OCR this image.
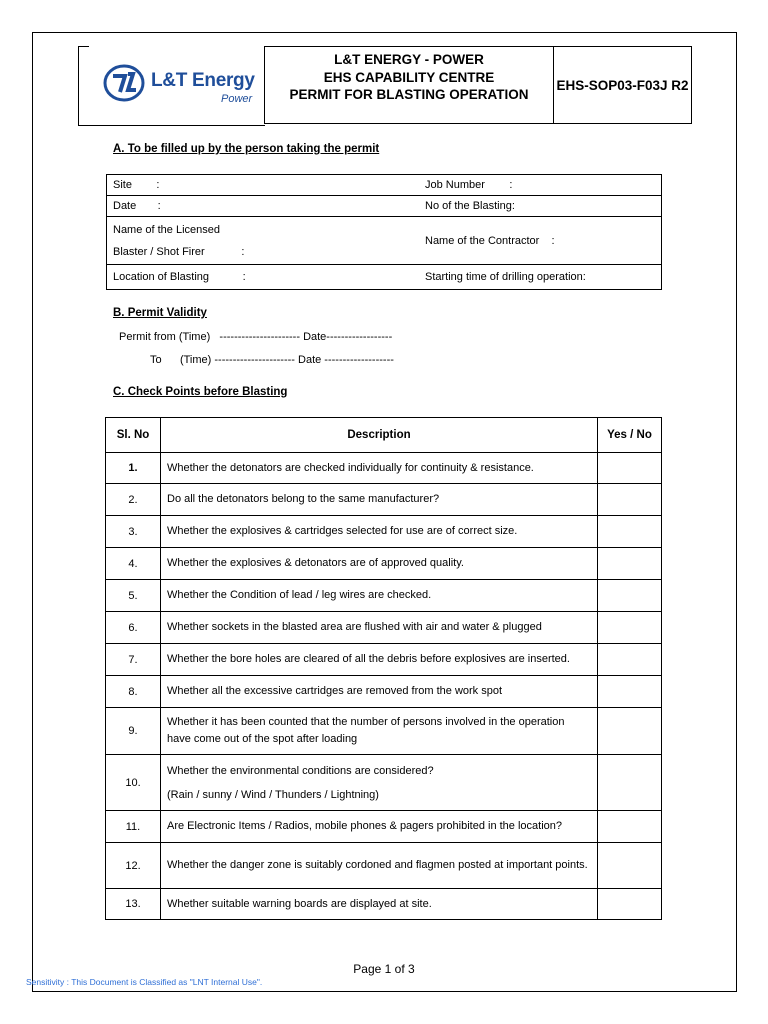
L&T Energy
Power
L&T ENERGY - POWER
EHS CAPABILITY CENTRE
PERMIT FOR BLASTING OPERATION
EHS-SOP03-F03J R2
A. To be filled up by the person taking the permit
Site        :	Job Number        :
Date       :	No of the Blasting:

Name of the Licensed
Blaster / Shot Firer            :	Name of the Contractor    :
Location of Blasting           :	Starting time of drilling operation:
B. Permit Validity
Permit from (Time)   ---------------------- Date------------------
To      (Time) ---------------------- Date -------------------
C. Check Points before Blasting
Sl. No	Description	Yes / No
1.	Whether the detonators are checked individually for continuity & resistance.	
2.	Do all the detonators belong to the same manufacturer?	
3.	Whether the explosives & cartridges selected for use are of correct size.	
4.	Whether the explosives & detonators are of approved quality.	
5.	Whether the Condition of lead / leg wires are checked.	
6.	Whether sockets in the blasted area are flushed with air and water & plugged	
7.	Whether the bore holes are cleared of all the debris before explosives are inserted.	
8.	Whether all the excessive cartridges are removed from the work spot	
9.	Whether it has been counted that the number of persons involved in the operation have come out of the spot after loading	
10.	Whether the environmental conditions are considered?
(Rain / sunny / Wind / Thunders / Lightning)	

11.	Are Electronic Items / Radios, mobile phones & pagers prohibited in the location?	
12.	Whether the danger zone is suitably cordoned and flagmen posted at important points.	
13.	Whether suitable warning boards are displayed at site.	
Page 1 of 3
Sensitivity : This Document is Classified as "LNT Internal Use".
